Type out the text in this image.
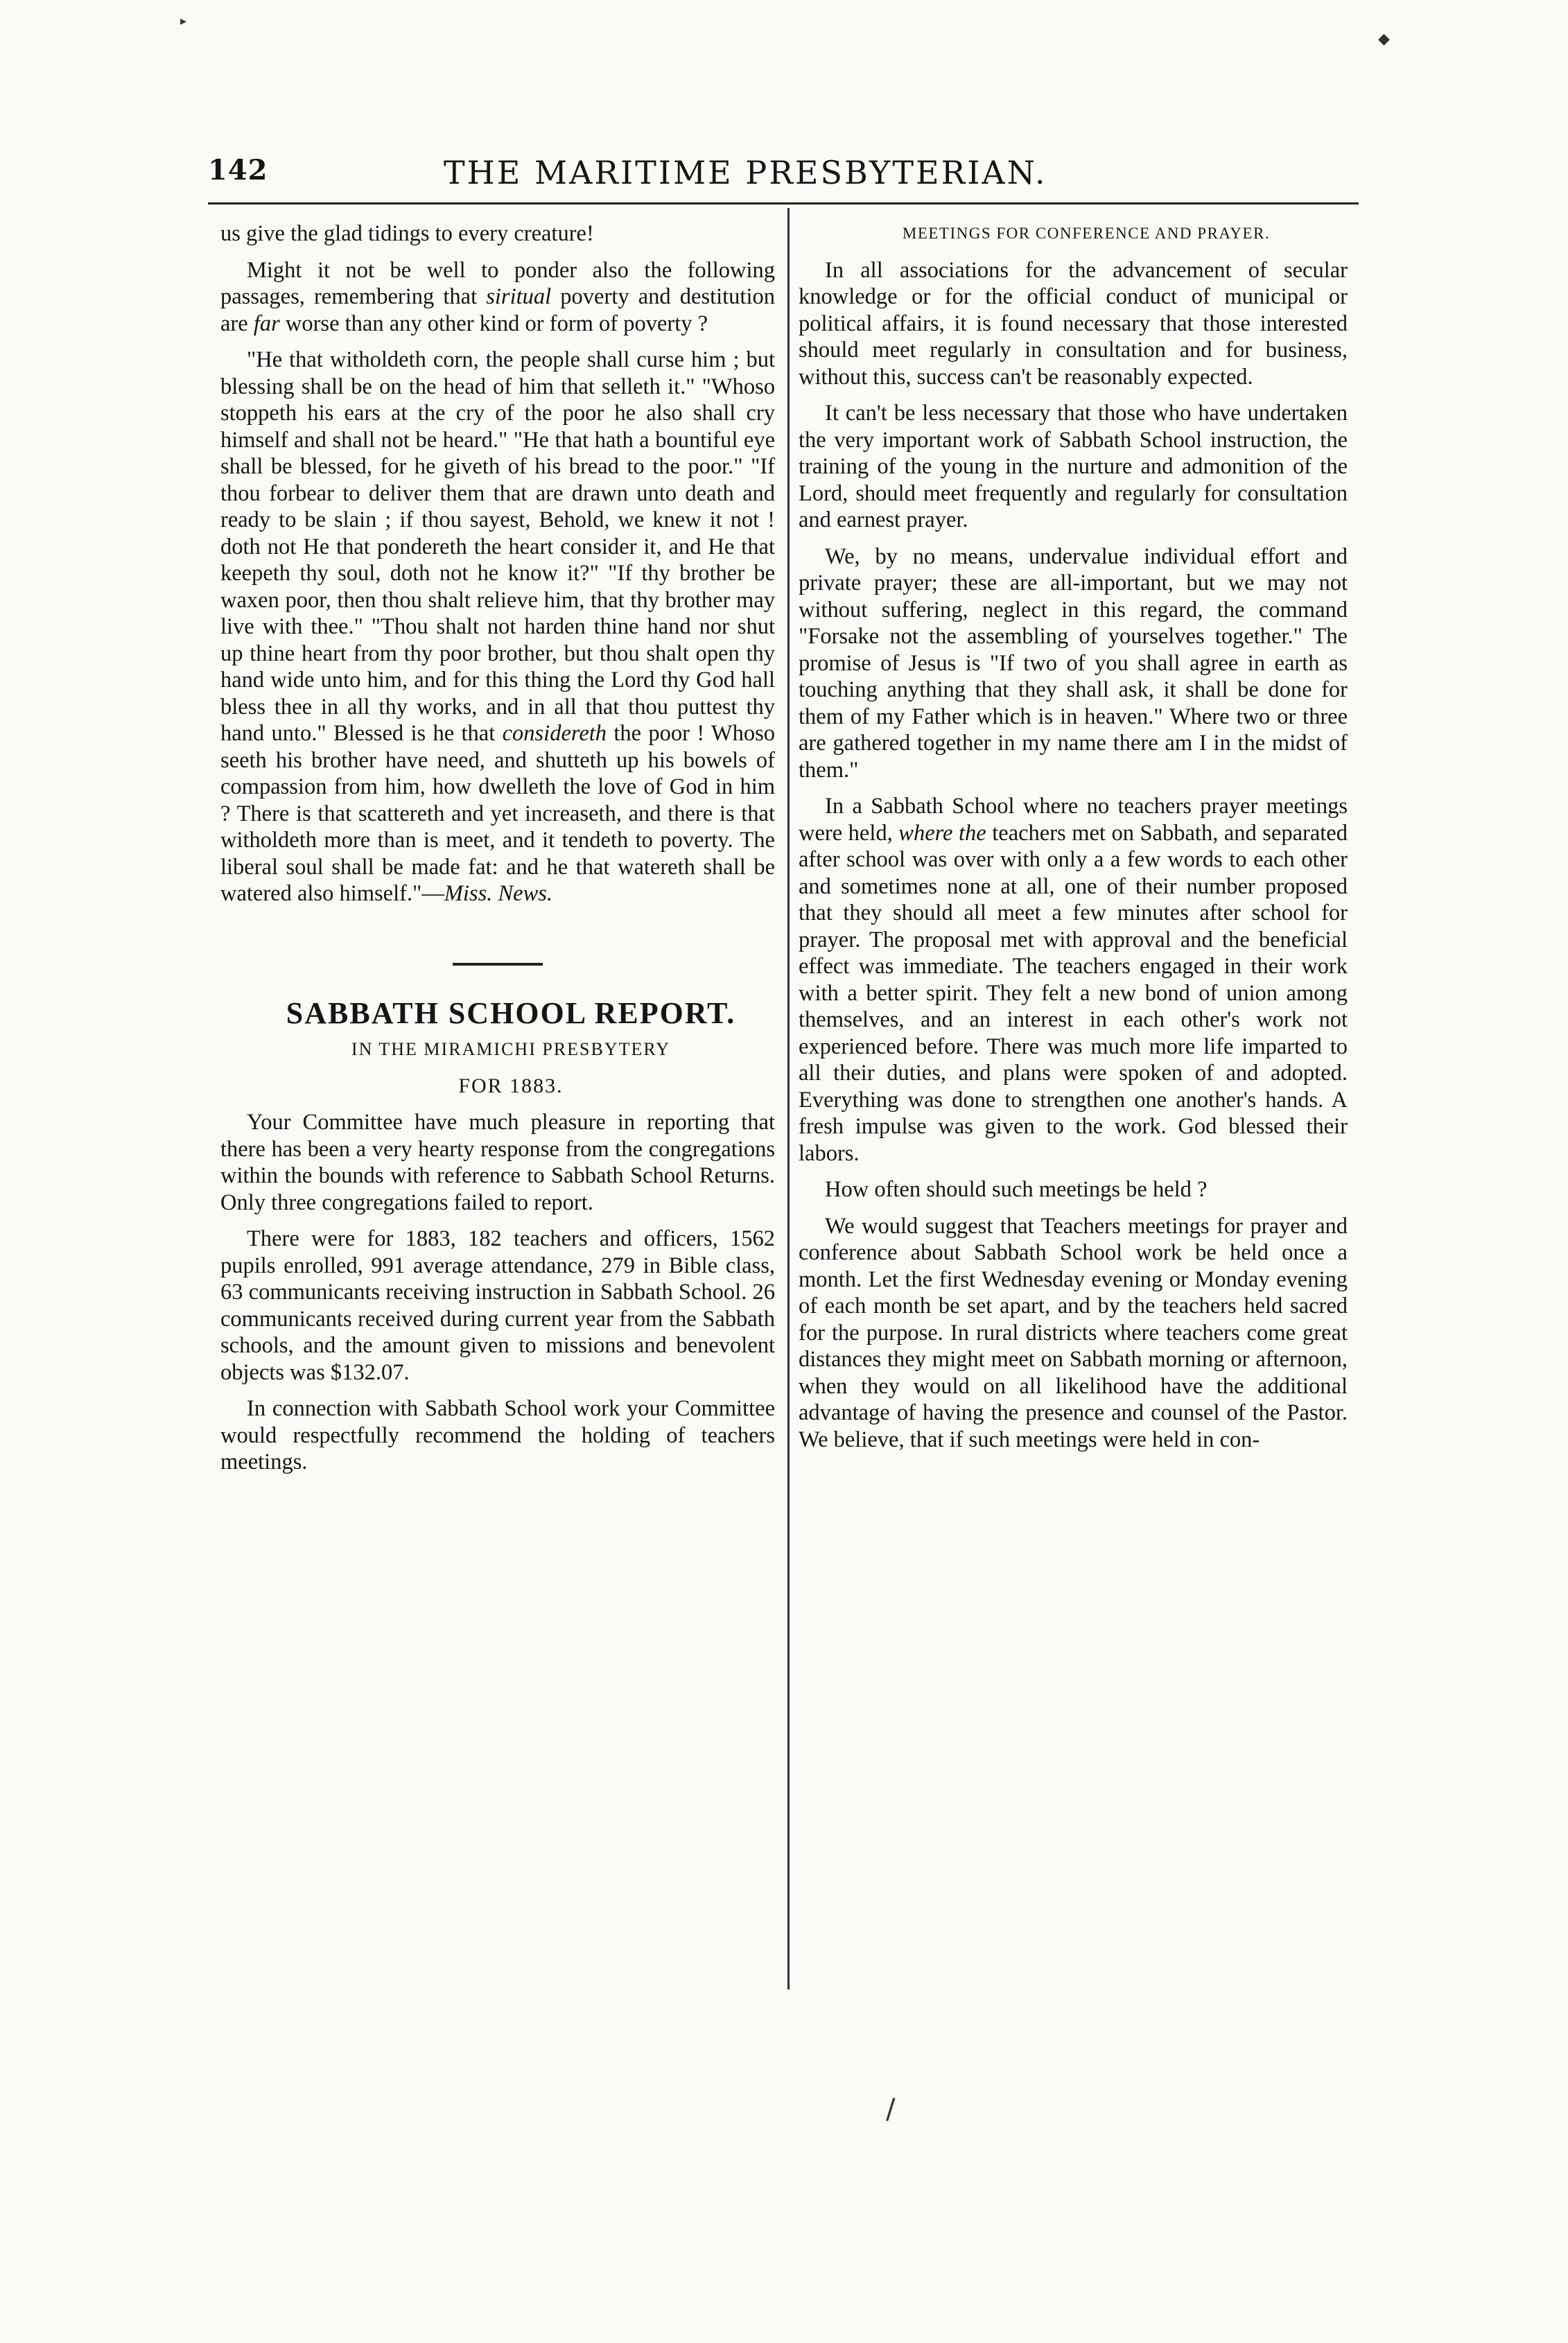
▸
◆
142	THE MARITIME PRESBYTERIAN.

us give the glad tidings to every creature!

Might it not be well to ponder also the following passages, remembering that siritual poverty and destitution are far worse than any other kind or form of poverty ?

"He that witholdeth corn, the people shall curse him ; but blessing shall be on the head of him that selleth it." "Whoso stoppeth his ears at the cry of the poor he also shall cry himself and shall not be heard." "He that hath a bountiful eye shall be blessed, for he giveth of his bread to the poor." "If thou forbear to deliver them that are drawn unto death and ready to be slain ; if thou sayest, Behold, we knew it not ! doth not He that pondereth the heart consider it, and He that keepeth thy soul, doth not he know it?" "If thy brother be waxen poor, then thou shalt relieve him, that thy brother may live with thee." "Thou shalt not harden thine hand nor shut up thine heart from thy poor brother, but thou shalt open thy hand wide unto him, and for this thing the Lord thy God hall bless thee in all thy works, and in all that thou puttest thy hand unto." Blessed is he that considereth the poor ! Whoso seeth his brother have need, and shutteth up his bowels of compassion from him, how dwelleth the love of God in him ? There is that scattereth and yet increaseth, and there is that witholdeth more than is meet, and it tendeth to poverty. The liberal soul shall be made fat: and he that watereth shall be watered also himself."—Miss. News.

SABBATH SCHOOL REPORT.

IN THE MIRAMICHI PRESBYTERY

FOR 1883.

Your Committee have much pleasure in reporting that there has been a very hearty response from the congregations within the bounds with reference to Sabbath School Returns. Only three congregations failed to report.

There were for 1883, 182 teachers and officers, 1562 pupils enrolled, 991 average attendance, 279 in Bible class, 63 communicants receiving instruction in Sabbath School. 26 communicants received during current year from the Sabbath schools, and the amount given to missions and benevolent objects was $132.07.

In connection with Sabbath School work your Committee would respectfully recommend the holding of teachers meetings.

MEETINGS FOR CONFERENCE AND PRAYER.

In all associations for the advancement of secular knowledge or for the official conduct of municipal or political affairs, it is found necessary that those interested should meet regularly in consultation and for business, without this, success can't be reasonably expected.

It can't be less necessary that those who have undertaken the very important work of Sabbath School instruction, the training of the young in the nurture and admonition of the Lord, should meet frequently and regularly for consultation and earnest prayer.

We, by no means, undervalue individual effort and private prayer; these are all-important, but we may not without suffering, neglect in this regard, the command "Forsake not the assembling of yourselves together." The promise of Jesus is "If two of you shall agree in earth as touching anything that they shall ask, it shall be done for them of my Father which is in heaven." Where two or three are gathered together in my name there am I in the midst of them."

In a Sabbath School where no teachers prayer meetings were held, where the teachers met on Sabbath, and separated after school was over with only a a few words to each other and sometimes none at all, one of their number proposed that they should all meet a few minutes after school for prayer. The proposal met with approval and the beneficial effect was immediate. The teachers engaged in their work with a better spirit. They felt a new bond of union among themselves, and an interest in each other's work not experienced before. There was much more life imparted to all their duties, and plans were spoken of and adopted. Everything was done to strengthen one another's hands. A fresh impulse was given to the work. God blessed their labors.

How often should such meetings be held ?

We would suggest that Teachers meetings for prayer and conference about Sabbath School work be held once a month. Let the first Wednesday evening or Monday evening of each month be set apart, and by the teachers held sacred for the purpose. In rural districts where teachers come great distances they might meet on Sabbath morning or afternoon, when they would on all likelihood have the additional advantage of having the presence and counsel of the Pastor. We believe, that if such meetings were held in con-

/
